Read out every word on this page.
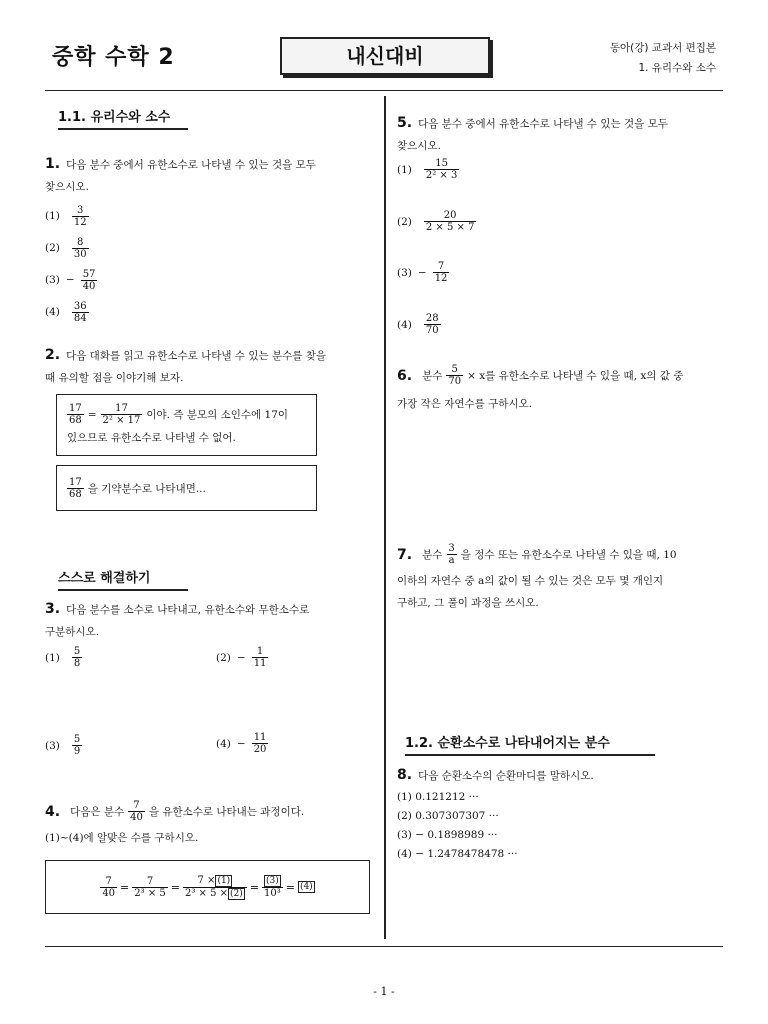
중학 수학 2	내신대비	동아(강) 교과서 편집본
1. 유리수와 소수
1.1. 유리수와 소수
1. 다음 분수 중에서 유한소수로 나타낼 수 있는 것을 모두
찾으시오.
$(1) \frac{3}{12}$
$(2) \frac{8}{30}$
$(3) - \frac{57}{40}$
$(4) \frac{36}{84}$
2. 다음 대화를 읽고 유한소수로 나타낼 수 있는 분수를 찾을
때 유의할 점을 이야기해 보자.
$\frac{17}{68} = \frac{17}{\text{2² × 17}}$ 이야. 즉 분모의 소인수에 17이
있으므로 유한소수로 나타낼 수 없어.
$\frac{17}{68}$ 을 기약분수로 나타내면...
스스로 해결하기
3. 다음 분수를 소수로 나타내고, 유한소수와 무한소수로
구분하시오.
$(1) \frac{5}{8}$	$(2) - \frac{1}{11}$
$(3) \frac{5}{9}$	$(4) - \frac{11}{20}$
4. 다음은 분수 $\frac{7}{40}$ 을 유한소수로 나타내는 과정이다.
(1)~(4)에 알맞은 수를 구하시오.
$\frac{7}{40} = \frac{7}{\text{2³ × 5}} = \frac{7 \times (1)}{\text{2³ × 5 × (2)}} = \frac{(3)}{\text{10³}} = (4)$
5. 다음 분수 중에서 유한소수로 나타낼 수 있는 것을 모두
찾으시오.
$(1) \frac{15}{\text{2² × 3}}$
$(2) \frac{20}{2 \times 5 \times 7}$
$(3) - \frac{7}{12}$
$(4) \frac{28}{70}$
6. 분수 $\frac{5}{70} \times x$를 유한소수로 나타낼 수 있을 때, x의 값 중
가장 작은 자연수를 구하시오.
7. 분수 $\frac{3}{a}$ 을 정수 또는 유한소수로 나타낼 수 있을 때, 10
이하의 자연수 중 a의 값이 될 수 있는 것은 모두 몇 개인지
구하고, 그 풀이 과정을 쓰시오.
1.2. 순환소수로 나타내어지는 분수
8. 다음 순환소수의 순환마디를 말하시오.
(1) 0.121212 ···
(2) 0.307307307 ···
(3) − 0.1898989 ···
(4) − 1.2478478478 ···
- 1 -
